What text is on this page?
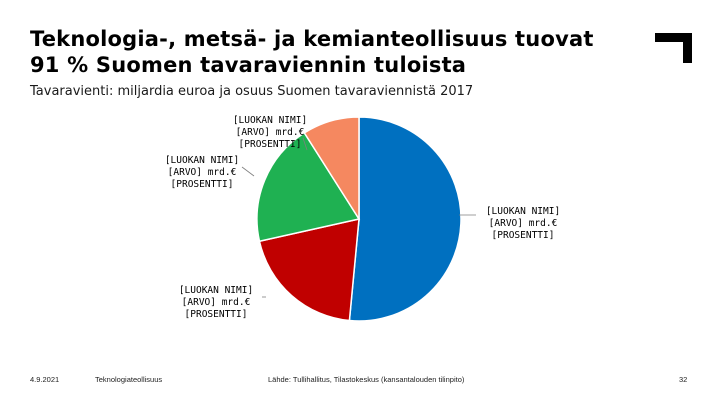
Teknologia-, metsä- ja kemianteollisuus tuovat
91 % Suomen tavaraviennin tuloista
Tavaravienti: miljardia euroa ja osuus Suomen tavaraviennistä 2017
[LUOKAN NIMI]
[ARVO] mrd.€
[PROSENTTI]
[LUOKAN NIMI]
[ARVO] mrd.€
[PROSENTTI]
[LUOKAN NIMI]
[ARVO] mrd.€
[PROSENTTI]
[LUOKAN NIMI]
[ARVO] mrd.€
[PROSENTTI]
4.9.2021	Teknologiateollisuus	Lähde: Tullihallitus, Tilastokeskus (kansantalouden tilinpito)	32
